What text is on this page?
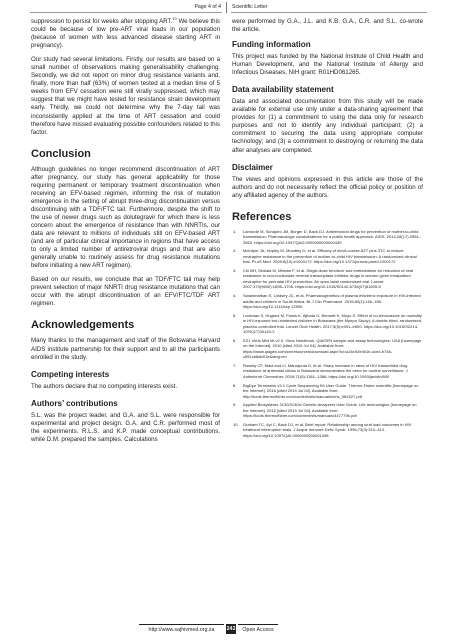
Page 4 of 4 Scientific Letter

suppression to persist for weeks after stopping ART.$^{10}$ We believe this could be because of low pre-ART viral loads in our population (because of women with less advanced disease starting ART in pregnancy).

Our study had several limitations. Firstly, our results are based on a small number of observations making generalisability challenging. Secondly, we did not report on minor drug resistance variants and, finally, more than half (63%) of women tested at a median time of 5 weeks from EFV cessation were still virally suppressed, which may suggest that we might have tested for resistance strain development early. Thirdly, we could not determine why the 7-day tail was inconsistently applied at the time of ART cessation and could therefore have missed evaluating possible confounders related to this factor.

Conclusion

Although guidelines no longer recommend discontinuation of ART after pregnancy, our study has general applicability for those requiring permanent or temporary treatment discontinuation when receiving an EFV-based regimen, informing the risk of mutation emergence in the setting of abrupt three-drug discontinuation versus discontinuing with a TDF/FTC tail. Furthermore, despite the shift to the use of newer drugs such as dolutegravir for which there is less concern about the emergence of resistance than with NNRTIs, our data are relevant to millions of individuals still on EFV-based ART (and are of particular clinical importance in regions that have access to only a limited number of antiretroviral drugs and that are also generally unable to routinely assess for drug resistance mutations before initiating a new ART regimen).

Based on our results, we conclude that an TDF/FTC tail may help prevent selection of major NNRTI drug resistance mutations that can occur with the abrupt discontinuation of an EFV/FTC/TDF ART regimen.

Acknowledgements

Many thanks to the management and staff of the Botswana Harvard AIDS institute partnership for their support and to all the participants enrolled in the study.

Competing interests

The authors declare that no competing interests exist.

Authors’ contributions

S.L. was the project leader, and G.A. and S.L. were responsible for experimental and project design. G.A. and C.R. performed most of the experiments. R.L.S. and K.P. made conceptual contributions, while D.M. prepared the samples. Calculations

were performed by G.A., J.L. and K.B. G.A., C.R. and S.L. co-wrote the article.

Funding information

This project was funded by the National Institute of Child Health and Human Development, and the National Institute of Allergy and Infectious Diseases, NIH grant: R01HD061265.

Data availability statement

Data and associated documentation from this study will be made available for external use only under a data-sharing agreement that provides for (1) a commitment to using the data only for research purposes and not to identify any individual participant; (2) a commitment to securing the data using appropriate computer technology; and (3) a commitment to destroying or returning the data after analyses are completed.

Disclaimer

The views and opinions expressed in this article are those of the authors and do not necessarily reflect the official policy or position of any affiliated agency of the authors.

References
1. Lamorde M, Schapiro JM, Burger D, Back DJ. Antiretroviral drugs for prevention of mother-to-child transmission: Pharmacologic considerations for a public health approach. AIDS. 2014;28(17):2551–2563. https://doi.org/10.1097/QAD.0000000000000439
2. McIntyre JA, Hopley M, Moodley D, et al. Efficacy of short-course AZT plus 3TC to reduce nevirapine resistance in the prevention of mother-to-child HIV transmission: A randomized clinical trial. PLoS Med. 2009;6(10):e1000172. https://doi.org/10.1371/journal.pmed.1000172
3. Chi BH, Sinkala M, Mbewe F, et al. Single-dose tenofovir and emtricitabine for reduction of viral resistance to non-nucleoside reverse transcriptase inhibitor drugs in women given intrapartum nevirapine for perinatal HIV prevention: An open-label randomised trial. Lancet. 2007;370(9600):1698–1705. https://doi.org/10.1016/S0140-6736(07)61605-5
4. Swaminathan S, Lindsey JC, et al. Pharmacogenetics of plasma efavirenz exposure in HIV-infected adults and children in South Africa. Br J Clin Pharmacol. 2015;80(1):146–156. https://doi.org/10.1111/bcp.12590
5. Lockman S, Hughes M, Powis K, Ajibola G, Bennett K, Moyo S. Effect of co-trimoxazole on mortality in HIV-exposed but uninfected children in Botswana (the Mpepu Study): A double-blind, randomised, placebo-controlled trial. Lancet Glob Health. 2017;5(5):e491–e500. https://doi.org/10.1016/S2214-109X(17)30143-2
6. EZ1 Virus Mini kit v2.0, Virus Handbook. QIAGEN sample and assay technologies, USA [homepage on the Internet]. 2010 [cited 2019 Jul 04]. Available from: https://www.qiagen.com/cn/resources/download.aspx?id=a15c92e4b1b-4ce4-b746-c551cb8ab01e&lang=en
7. Rowley CF, MacLeod IJ, Maruapula D, et al. Sharp increase in rates of HIV transmitted drug resistance at antenatal clinics in Botswana demonstrates the need for routine surveillance. J Antimicrob Chemother. 2016;71(5):1361–1366. https://doi.org/10.1093/jac/dkv500
8. BigDye Terminator v3.1 Cycle Sequencing Kit User Guide. Thermo-Fisher scientific [homepage on the Internet]. 2016 [cited 2019 Jul 04]. Available from: http://tools.thermofisher.com/content/sfs/manuals/cms_081527.pdf
9. Applied Biosystems 3130/3130xl Genetic Analyzers User Guide. Life technologies [homepage on the Internet]. 2012 [cited 2019 Jul 04]. Available from: https://tools.thermofisher.com/content/sfs/manuals/4477796.pdf
10. Graham TC, Ayi C, Back DJ, et al. Brief report: Relationship among viral load outcomes in HIV treatment interruption trials. J Acquir Immune Defic Syndr. 1996;73(3):310–313. https://doi.org/10.1097/QAI.0000000000001098
http://www.sajhivmed.org.za	243	Open Access
